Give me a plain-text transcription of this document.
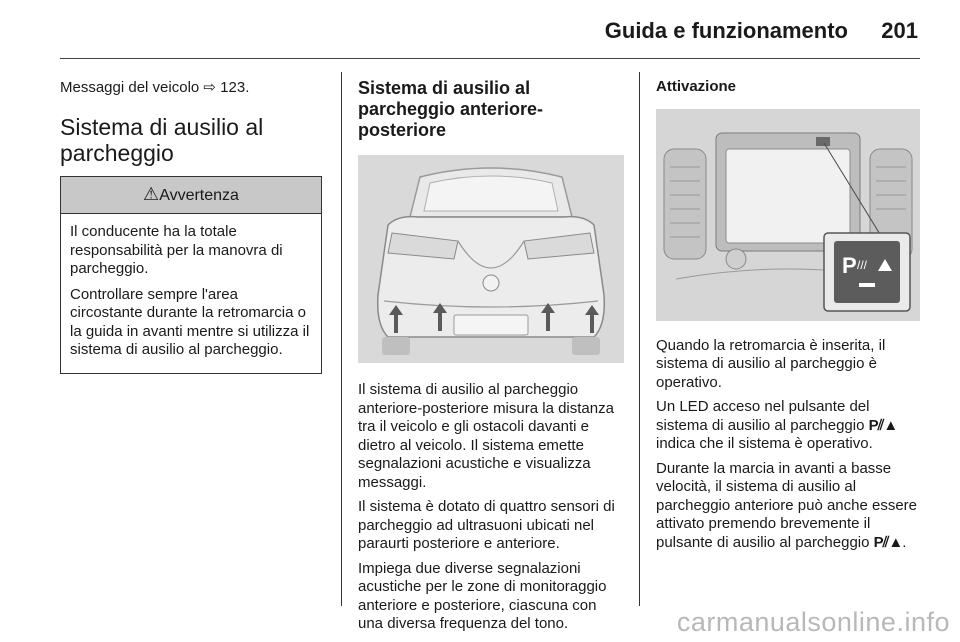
Guida e funzionamento 201

Messaggi del veicolo ⇨ 123.

Sistema di ausilio al parcheggio
⚠Avvertenza

Il conducente ha la totale responsabilità per la manovra di parcheggio.

Controllare sempre l'area circostante durante la retromarcia o la guida in avanti mentre si utilizza il sistema di ausilio al parcheggio.

Sistema di ausilio al parcheggio anteriore-posteriore

Il sistema di ausilio al parcheggio anteriore-posteriore misura la distanza tra il veicolo e gli ostacoli davanti e dietro al veicolo. Il sistema emette segnalazioni acustiche e visualizza messaggi.

Il sistema è dotato di quattro sensori di parcheggio ad ultrasuoni ubicati nel paraurti posteriore e anteriore.

Impiega due diverse segnalazioni acustiche per le zone di monitoraggio anteriore e posteriore, ciascuna con una diversa frequenza del tono.

Attivazione
P ///

Quando la retromarcia è inserita, il sistema di ausilio al parcheggio è operativo.

Un LED acceso nel pulsante del sistema di ausilio al parcheggio P⫽▲ indica che il sistema è operativo.

Durante la marcia in avanti a basse velocità, il sistema di ausilio al parcheggio anteriore può anche essere attivato premendo brevemente il pulsante di ausilio al parcheggio P⫽▲.

carmanualsonline.info
